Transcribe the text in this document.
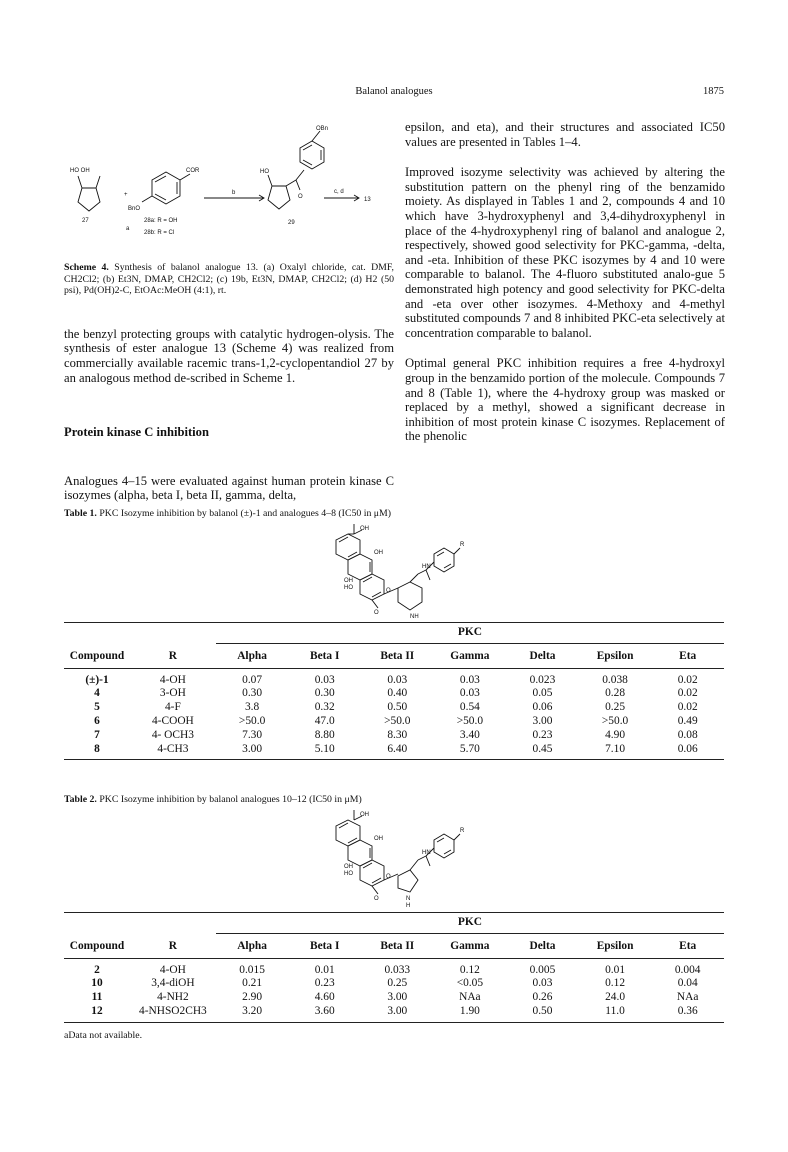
Balanol analogues	1875
HO OH
+
COR
BnO
27
a
28a: R = OH
28b: R = Cl
b
HO
OBn
O
29
c, d
13

Scheme 4. Synthesis of balanol analogue 13. (a) Oxalyl chloride, cat. DMF, CH2Cl2; (b) Et3N, DMAP, CH2Cl2; (c) 19b, Et3N, DMAP, CH2Cl2; (d) H2 (50 psi), Pd(OH)2-C, EtOAc:MeOH (4:1), rt.

the benzyl protecting groups with catalytic hydrogen-olysis. The synthesis of ester analogue 13 (Scheme 4) was realized from commercially available racemic trans-1,2-cyclopentandiol 27 by an analogous method de-scribed in Scheme 1.

Protein kinase C inhibition

Analogues 4–15 were evaluated against human protein kinase C isozymes (alpha, beta I, beta II, gamma, delta,

epsilon, and eta), and their structures and associated IC50 values are presented in Tables 1–4.

Improved isozyme selectivity was achieved by altering the substitution pattern on the phenyl ring of the benzamido moiety. As displayed in Tables 1 and 2, compounds 4 and 10 which have 3-hydroxyphenyl and 3,4-dihydroxyphenyl in place of the 4-hydroxyphenyl ring of balanol and analogue 2, respectively, showed good selectivity for PKC-gamma, -delta, and -eta. Inhibition of these PKC isozymes by 4 and 10 were comparable to balanol. The 4-fluoro substituted analo-gue 5 demonstrated high potency and good selectivity for PKC-delta and -eta over other isozymes. 4-Methoxy and 4-methyl substituted compounds 7 and 8 inhibited PKC-eta selectively at concentration comparable to balanol.

Optimal general PKC inhibition requires a free 4-hydroxyl group in the benzamido portion of the molecule. Compounds 7 and 8 (Table 1), where the 4-hydroxy group was masked or replaced by a methyl, showed a significant decrease in inhibition of most protein kinase C isozymes. Replacement of the phenolic

Table 1. PKC Isozyme inhibition by balanol (±)-1 and analogues 4–8 (IC50 in μM)
OH
OH
OH
HO
R
HN
O
O
NH
		PKC						
Compound	R	Alpha	Beta I	Beta II	Gamma	Delta	Epsilon	Eta
(±)-1	4-OH	0.07	0.03	0.03	0.03	0.023	0.038	0.02
4	3-OH	0.30	0.30	0.40	0.03	0.05	0.28	0.02
5	4-F	3.8	0.32	0.50	0.54	0.06	0.25	0.02
6	4-COOH	>50.0	47.0	>50.0	>50.0	3.00	>50.0	0.49
7	4- OCH3	7.30	8.80	8.30	3.40	0.23	4.90	0.08
8	4-CH3	3.00	5.10	6.40	5.70	0.45	7.10	0.06
Table 2. PKC Isozyme inhibition by balanol analogues 10–12 (IC50 in μM)
OH
OH
OH
HO
R
HN
O
O	N
H
		PKC						
Compound	R	Alpha	Beta I	Beta II	Gamma	Delta	Epsilon	Eta
2	4-OH	0.015	0.01	0.033	0.12	0.005	0.01	0.004
10	3,4-diOH	0.21	0.23	0.25	<0.05	0.03	0.12	0.04
11	4-NH2	2.90	4.60	3.00	NAa	0.26	24.0	NAa
12	4-NHSO2CH3	3.20	3.60	3.00	1.90	0.50	11.0	0.36
aData not available.
